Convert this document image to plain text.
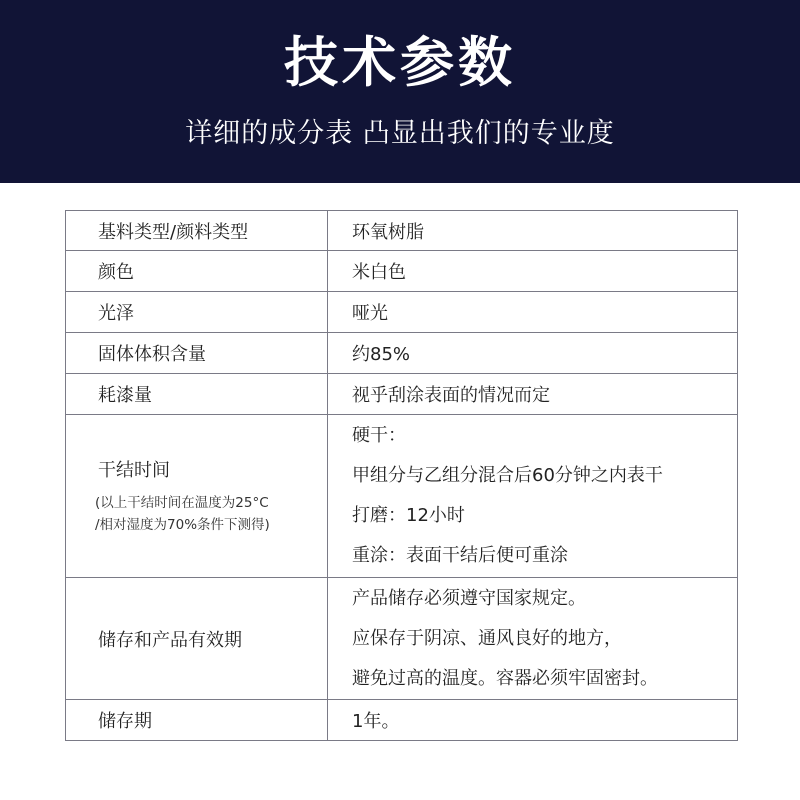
技术参数
详细的成分表 凸显出我们的专业度
基料类型/颜料类型	环氧树脂
颜色	米白色
光泽	哑光
固体体积含量	约85%
耗漆量	视乎刮涂表面的情况而定

干结时间
(以上干结时间在温度为25°C
/相对湿度为70%条件下测得)	硬干：
甲组分与乙组分混合后60分钟之内表干
打磨：12小时
重涂：表面干结后便可重涂

储存和产品有效期	产品储存必须遵守国家规定。
应保存于阴凉、通风良好的地方，
避免过高的温度。容器必须牢固密封。

储存期	1年。
